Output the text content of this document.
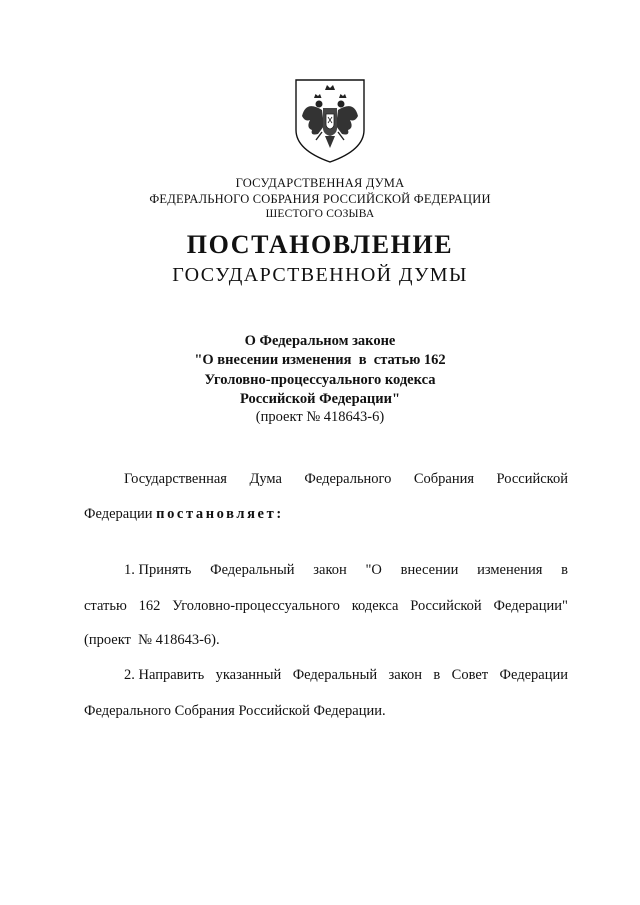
ГОСУДАРСТВЕННАЯ ДУМА
ФЕДЕРАЛЬНОГО СОБРАНИЯ РОССИЙСКОЙ ФЕДЕРАЦИИ
ШЕСТОГО СОЗЫВА
ПОСТАНОВЛЕНИЕ
ГОСУДАРСТВЕННОЙ ДУМЫ
О Федеральном законе
"О внесении изменения  в  статью 162
Уголовно-процессуального кодекса
Российской Федерации"
(проект № 418643-6)
Государственная Дума Федерального Собрания Российской
Федерации постановляет:
1. Принять Федеральный закон "О внесении изменения в
статью 162 Уголовно-процессуального кодекса Российской Федерации"
(проект  № 418643-6).
2. Направить указанный Федеральный закон в Совет Федерации
Федерального Собрания Российской Федерации.
